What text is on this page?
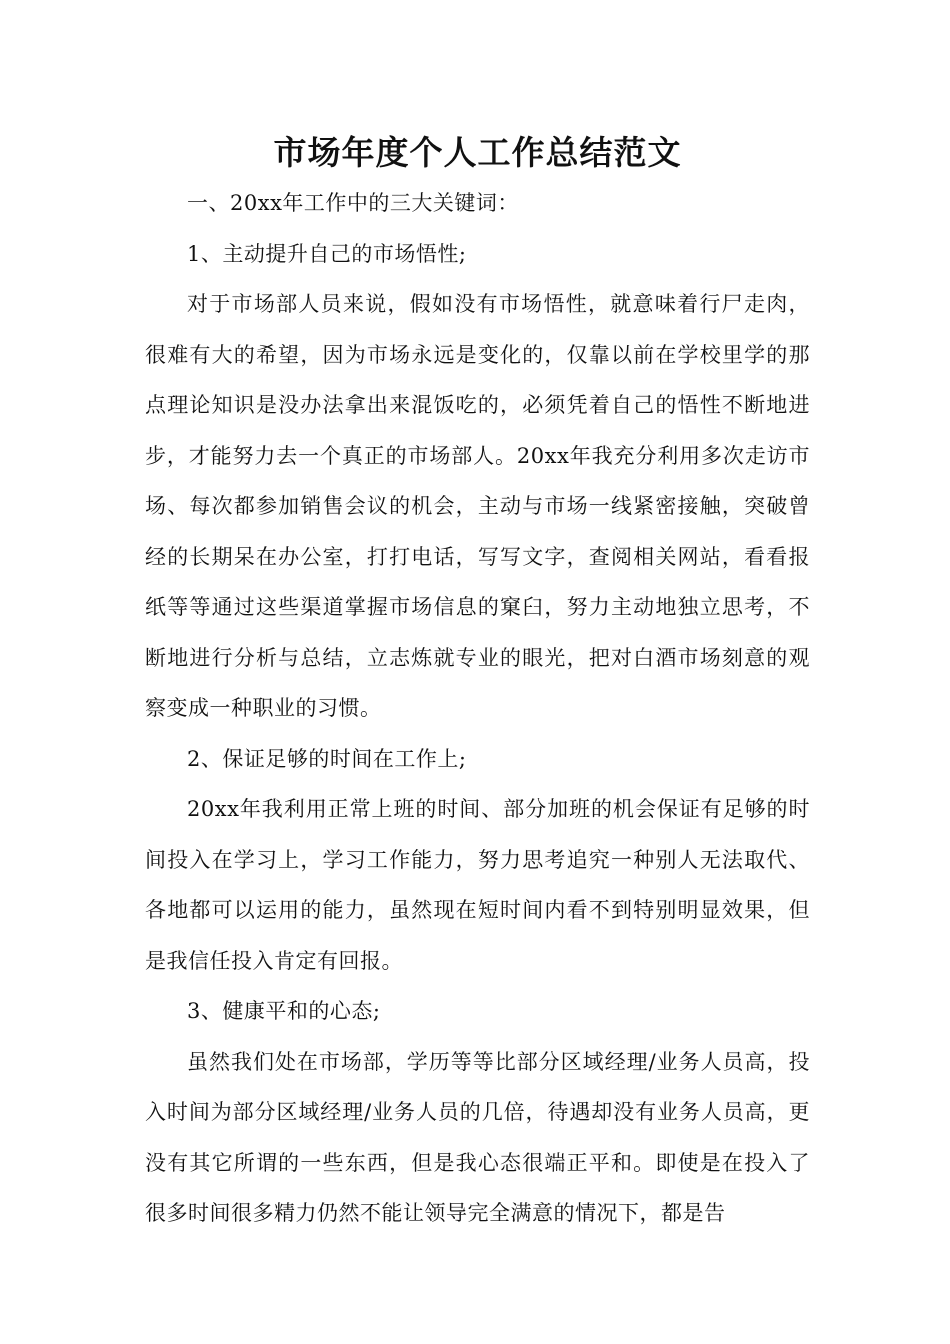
市场年度个人工作总结范文

一、20xx年工作中的三大关键词：

1、主动提升自己的市场悟性;

对于市场部人员来说，假如没有市场悟性，就意味着行尸走肉，很难有大的希望，因为市场永远是变化的，仅靠以前在学校里学的那点理论知识是没办法拿出来混饭吃的，必须凭着自己的悟性不断地进步，才能努力去一个真正的市场部人。20xx年我充分利用多次走访市场、每次都参加销售会议的机会，主动与市场一线紧密接触，突破曾经的长期呆在办公室，打打电话，写写文字，查阅相关网站，看看报纸等等通过这些渠道掌握市场信息的窠臼，努力主动地独立思考，不断地进行分析与总结，立志炼就专业的眼光，把对白酒市场刻意的观察变成一种职业的习惯。

2、保证足够的时间在工作上;

20xx年我利用正常上班的时间、部分加班的机会保证有足够的时间投入在学习上，学习工作能力，努力思考追究一种别人无法取代、各地都可以运用的能力，虽然现在短时间内看不到特别明显效果，但是我信任投入肯定有回报。

3、健康平和的心态;

虽然我们处在市场部，学历等等比部分区域经理/业务人员高，投入时间为部分区域经理/业务人员的几倍，待遇却没有业务人员高，更没有其它所谓的一些东西，但是我心态很端正平和。即使是在投入了很多时间很多精力仍然不能让领导完全满意的情况下，都是告
